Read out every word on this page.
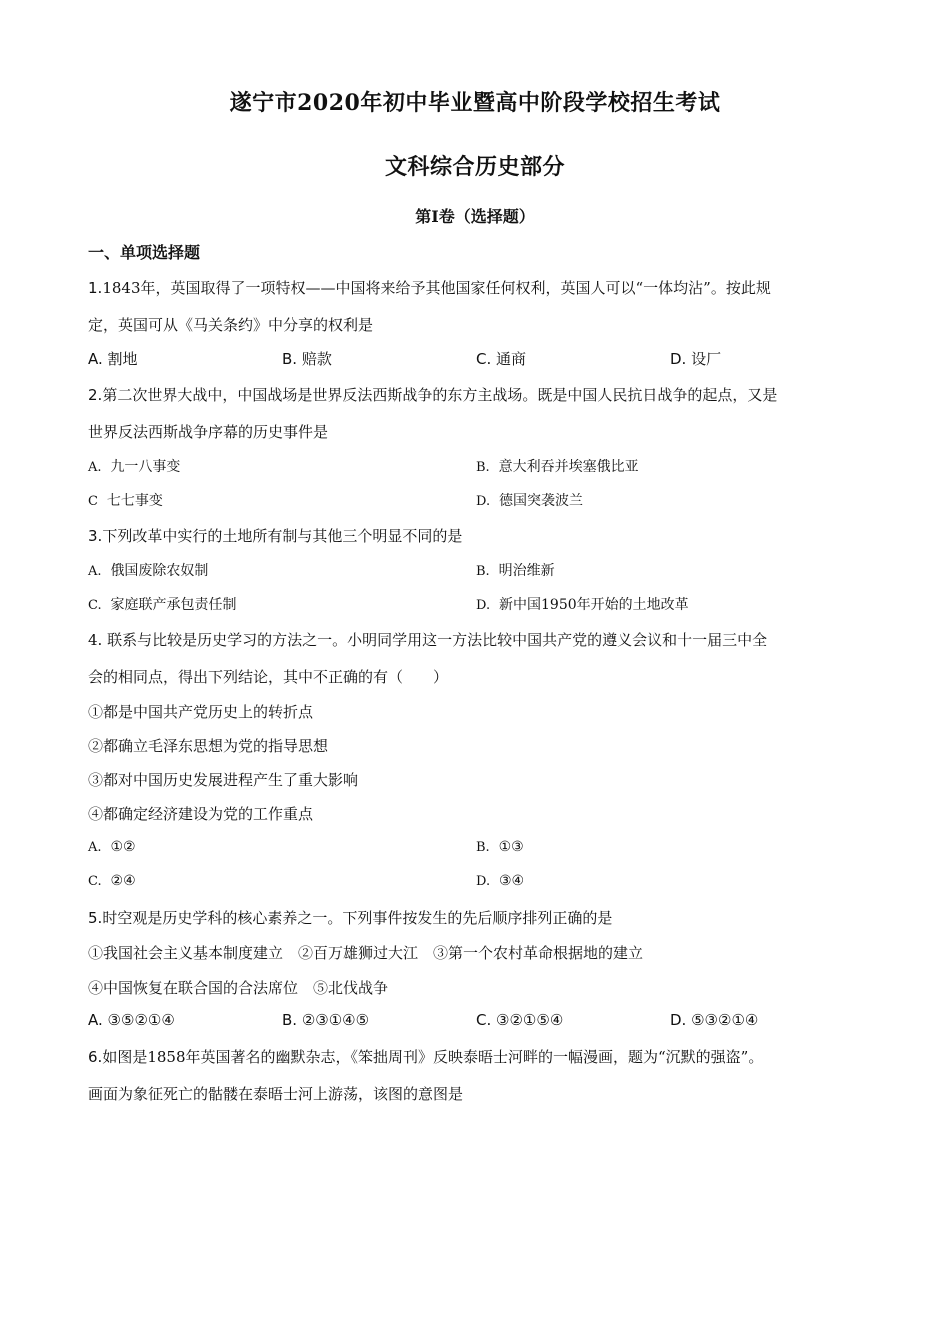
遂宁市2020年初中毕业暨高中阶段学校招生考试
文科综合历史部分
第Ⅰ卷（选择题）
一、单项选择题
1.1843年，英国取得了一项特权——中国将来给予其他国家任何权利，英国人可以“一体均沾”。按此规
定，英国可从《马关条约》中分享的权利是
A. 割地	B. 赔款	C. 通商	D. 设厂
2.第二次世界大战中，中国战场是世界反法西斯战争的东方主战场。既是中国人民抗日战争的起点，又是
世界反法西斯战争序幕的历史事件是
A. 九一八事变	B. 意大利吞并埃塞俄比亚
C 七七事变	D. 德国突袭波兰
3.下列改革中实行的土地所有制与其他三个明显不同的是
A. 俄国废除农奴制	B. 明治维新
C. 家庭联产承包责任制	D. 新中国1950年开始的土地改革
4. 联系与比较是历史学习的方法之一。小明同学用这一方法比较中国共产党的遵义会议和十一届三中全
会的相同点，得出下列结论，其中不正确的有（　　）
①都是中国共产党历史上的转折点
②都确立毛泽东思想为党的指导思想
③都对中国历史发展进程产生了重大影响
④都确定经济建设为党的工作重点
A. ①②	B. ①③
C. ②④	D. ③④
5.时空观是历史学科的核心素养之一。下列事件按发生的先后顺序排列正确的是
①我国社会主义基本制度建立　②百万雄狮过大江　③第一个农村革命根据地的建立
④中国恢复在联合国的合法席位　⑤北伐战争
A. ③⑤②①④	B. ②③①④⑤	C. ③②①⑤④	D. ⑤③②①④
6.如图是1858年英国著名的幽默杂志，《笨拙周刊》反映泰晤士河畔的一幅漫画，题为“沉默的强盗”。
画面为象征死亡的骷髅在泰晤士河上游荡，该图的意图是
